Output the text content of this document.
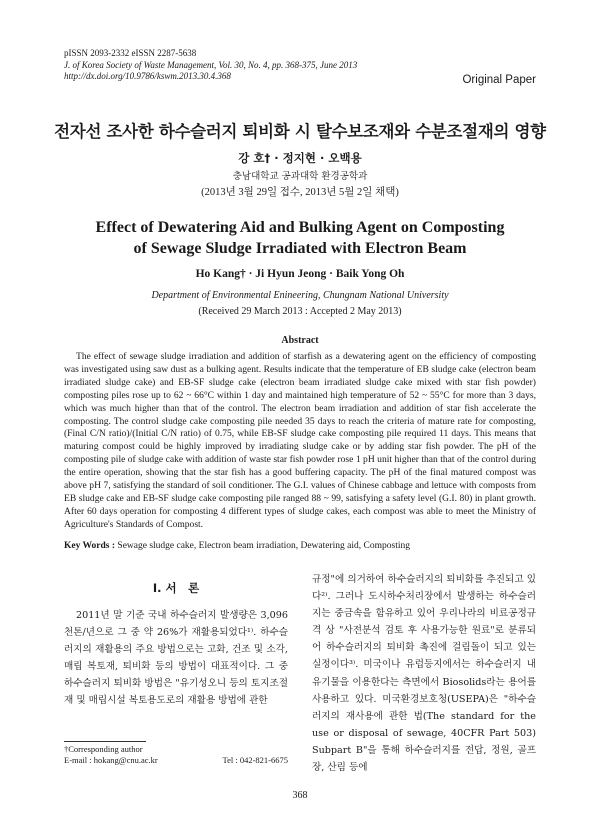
pISSN 2093-2332 eISSN 2287-5638
J. of Korea Society of Waste Management, Vol. 30, No. 4, pp. 368-375, June 2013
http://dx.doi.org/10.9786/kswm.2013.30.4.368	Original Paper
전자선 조사한 하수슬러지 퇴비화 시 탈수보조재와 수분조절재의 영향
강 호† · 정지현 · 오백용
충남대학교 공과대학 환경공학과
(2013년 3월 29일 접수, 2013년 5월 2일 채택)
Effect of Dewatering Aid and Bulking Agent on Composting
of Sewage Sludge Irradiated with Electron Beam
Ho Kang† · Ji Hyun Jeong · Baik Yong Oh
Department of Environmental Enineering, Chungnam National University
(Received 29 March 2013 : Accepted 2 May 2013)
Abstract
The effect of sewage sludge irradiation and addition of starfish as a dewatering agent on the efficiency of composting was investigated using saw dust as a bulking agent. Results indicate that the temperature of EB sludge cake (electron beam irradiated sludge cake) and EB-SF sludge cake (electron beam irradiated sludge cake mixed with star fish powder) composting piles rose up to 62 ~ 66°C within 1 day and maintained high temperature of 52 ~ 55°C for more than 3 days, which was much higher than that of the control. The electron beam irradiation and addition of star fish accelerate the composting. The control sludge cake composting pile needed 35 days to reach the criteria of mature rate for composting, (Final C/N ratio)/(Initial C/N ratio) of 0.75, while EB-SF sludge cake composting pile required 11 days. This means that maturing compost could be highly improved by irradiating sludge cake or by adding star fish powder. The pH of the composting pile of sludge cake with addition of waste star fish powder rose 1 pH unit higher than that of the control during the entire operation, showing that the star fish has a good buffering capacity. The pH of the final matured compost was above pH 7, satisfying the standard of soil conditioner. The G.I. values of Chinese cabbage and lettuce with composts from EB sludge cake and EB-SF sludge cake composting pile ranged 88 ~ 99, satisfying a safety level (G.I. 80) in plant growth. After 60 days operation for composting 4 different types of sludge cakes, each compost was able to meet the Ministry of Agriculture's Standards of Compost.
Key Words : Sewage sludge cake, Electron beam irradiation, Dewatering aid, Composting
I. 서　론
2011년 말 기준 국내 하수슬러지 발생량은 3,096천톤/년으로 그 중 약 26%가 재활용되었다¹⁾. 하수슬러지의 재활용의 주요 방법으로는 고화, 건조 및 소각, 매립 복토재, 퇴비화 등의 방법이 대표적이다. 그 중 하수슬러지 퇴비화 방법은 "유기성오니 등의 토지조절재 및 매립시설 복토용도로의 재활용 방법에 관한
규정"에 의거하여 하수슬러지의 퇴비화를 추진되고 있다²⁾. 그러나 도시하수처리장에서 발생하는 하수슬러지는 중금속을 함유하고 있어 우리나라의 비료공정규격 상 "사전분석 검토 후 사용가능한 원료"로 분류되어 하수슬러지의 퇴비화 촉진에 걸림돌이 되고 있는 실정이다³⁾. 미국이나 유럽등지에서는 하수슬러지 내 유기물을 이용한다는 측면에서 Biosolids라는 용어를 사용하고 있다. 미국환경보호청(USEPA)은 "하수슬러지의 재사용에 관한 법(The standard for the use or disposal of sewage, 40CFR Part 503) Subpart B"을 통해 하수슬러지를 전답, 정원, 골프장, 산림 등에
†Corresponding author
E-mail : hokang@cnu.ac.kr	Tel : 042-821-6675
368
